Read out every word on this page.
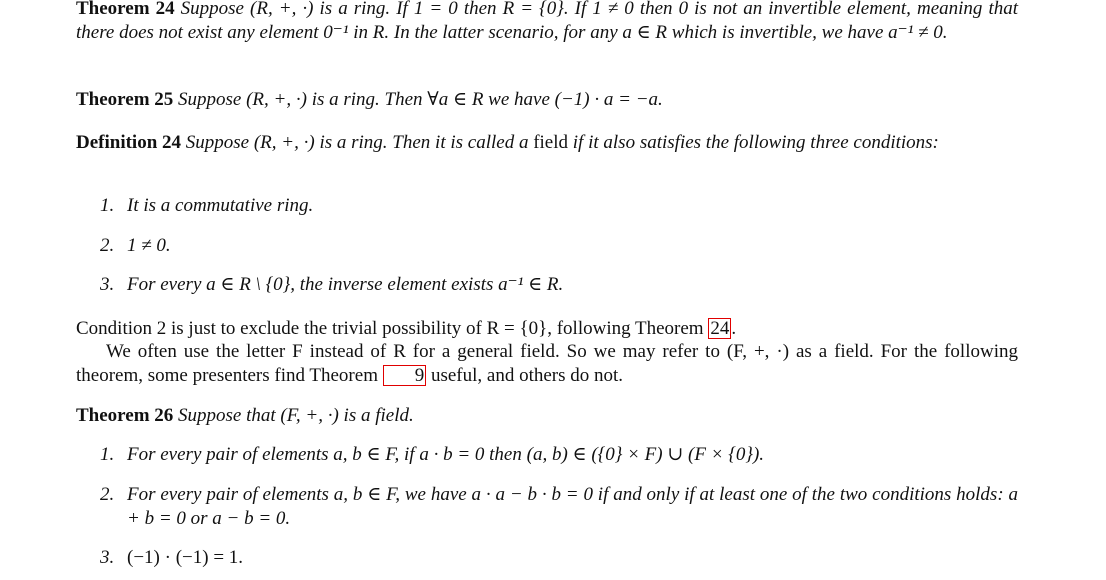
Theorem 24 Suppose (R, +, ·) is a ring. If 1 = 0 then R = {0}. If 1 ≠ 0 then 0 is not an invertible element, meaning that there does not exist any element 0⁻¹ in R. In the latter scenario, for any a ∈ R which is invertible, we have a⁻¹ ≠ 0.

Theorem 25 Suppose (R, +, ·) is a ring. Then ∀a ∈ R we have (−1) · a = −a.

Definition 24 Suppose (R, +, ·) is a ring. Then it is called a field if it also satisfies the following three conditions:

1. It is a commutative ring.
2. 1 ≠ 0.
3. For every a ∈ R \ {0}, the inverse element exists a⁻¹ ∈ R.

Condition 2 is just to exclude the trivial possibility of R = {0}, following Theorem 24 .

We often use the letter F instead of R for a general field. So we may refer to (F, +, ·) as a field. For the following theorem, some presenters find Theorem 9 useful, and others do not.

Theorem 26 Suppose that (F, +, ·) is a field.

1. For every pair of elements a, b ∈ F, if a · b = 0 then (a, b) ∈ ({0} × F) ∪ (F × {0}).
2. For every pair of elements a, b ∈ F, we have a · a − b · b = 0 if and only if at least one of the two conditions holds: a + b = 0 or a − b = 0.
3. (−1) · (−1) = 1.
